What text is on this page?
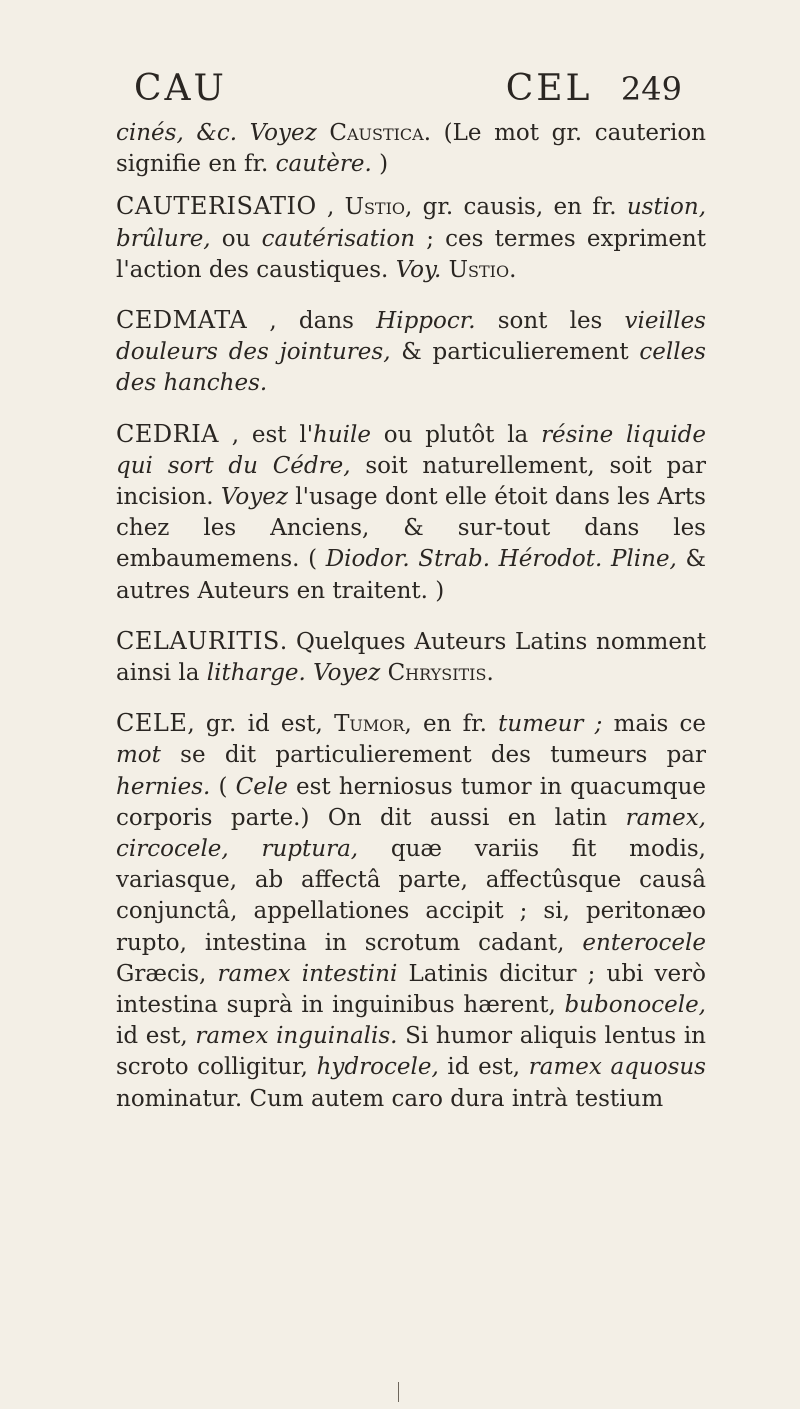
CAU	CEL 249

cinés, &c. Voyez Caustica. (Le mot gr. cauterion signifie en fr. cautère. )

CAUTERISATIO , Ustio, gr. causis, en fr. ustion, brûlure, ou cautérisation ; ces termes expriment l'action des caustiques. Voy. Ustio.

CEDMATA , dans Hippocr. sont les vieilles douleurs des jointures, & particulierement celles des hanches.

CEDRIA , est l'huile ou plutôt la résine liquide qui sort du Cédre, soit naturellement, soit par incision. Voyez l'usage dont elle étoit dans les Arts chez les Anciens, & sur-tout dans les embaumemens. ( Diodor. Strab. Hérodot. Pline, & autres Auteurs en traitent. )

CELAURITIS. Quelques Auteurs Latins nomment ainsi la litharge. Voyez Chrysitis.

CELE, gr. id est, Tumor, en fr. tumeur ; mais ce mot se dit particulierement des tumeurs par hernies. ( Cele est herniosus tumor in quacumque corporis parte.) On dit aussi en latin ramex, circocele, ruptura, quæ variis fit modis, variasque, ab affectâ parte, affectûsque causâ conjunctâ, appellationes accipit ; si, peritonæo rupto, intestina in scrotum cadant, enterocele Græcis, ramex intestini Latinis dicitur ; ubi verò intestina suprà in inguinibus hærent, bubonocele, id est, ramex inguinalis. Si humor aliquis lentus in scroto colligitur, hydrocele, id est, ramex aquosus nominatur. Cum autem caro dura intrà testium
